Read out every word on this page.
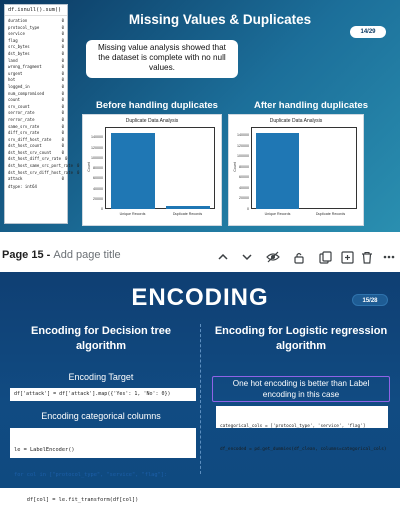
Missing Values & Duplicates
14/29
df.isnull().sum()
duration	0
protocol_type	0
service	0
flag	0
src_bytes	0
dst_bytes	0
land	0
wrong_fragment	0
urgent	0
hot	0
logged_in	0
num_compromised	0
count	0
srv_count	0
serror_rate	0
rerror_rate	0
same_srv_rate	0
diff_srv_rate	0
srv_diff_host_rate	0
dst_host_count	0
dst_host_srv_count	0
dst_host_diff_srv_rate 0
dst_host_same_src_port_rate 0
dst_host_srv_diff_host_rate 0
attack	0
dtype: int64
Missing value analysis showed that the dataset is complete with no null values.
Before handling duplicates	After handling duplicates
Duplicate Data Analysis
Count
0
20000
40000
60000
80000
100000
120000
140000
Unique Records	Duplicate Records
Duplicate Data Analysis
Count
0
20000
40000
60000
80000
100000
120000
140000
Unique Records	Duplicate Records
Page 15 - Add page title
ENCODING	15/28
Encoding for Decision tree algorithm
Encoding for Logistic regression algorithm
Encoding Target
df['attack'] = df['attack'].map({'Yes': 1, 'No': 0})
Encoding categorical columns

le = LabelEncoder()

for col in ["protocol_type", "service", "flag"]:

df[col] = le.fit_transform(df[col])

One hot encoding is better than Label encoding in this case

categorical_cols = ['protocol_type', 'service', 'flag']

df_encoded = pd.get_dummies(df_clean, columns=categorical_cols)
